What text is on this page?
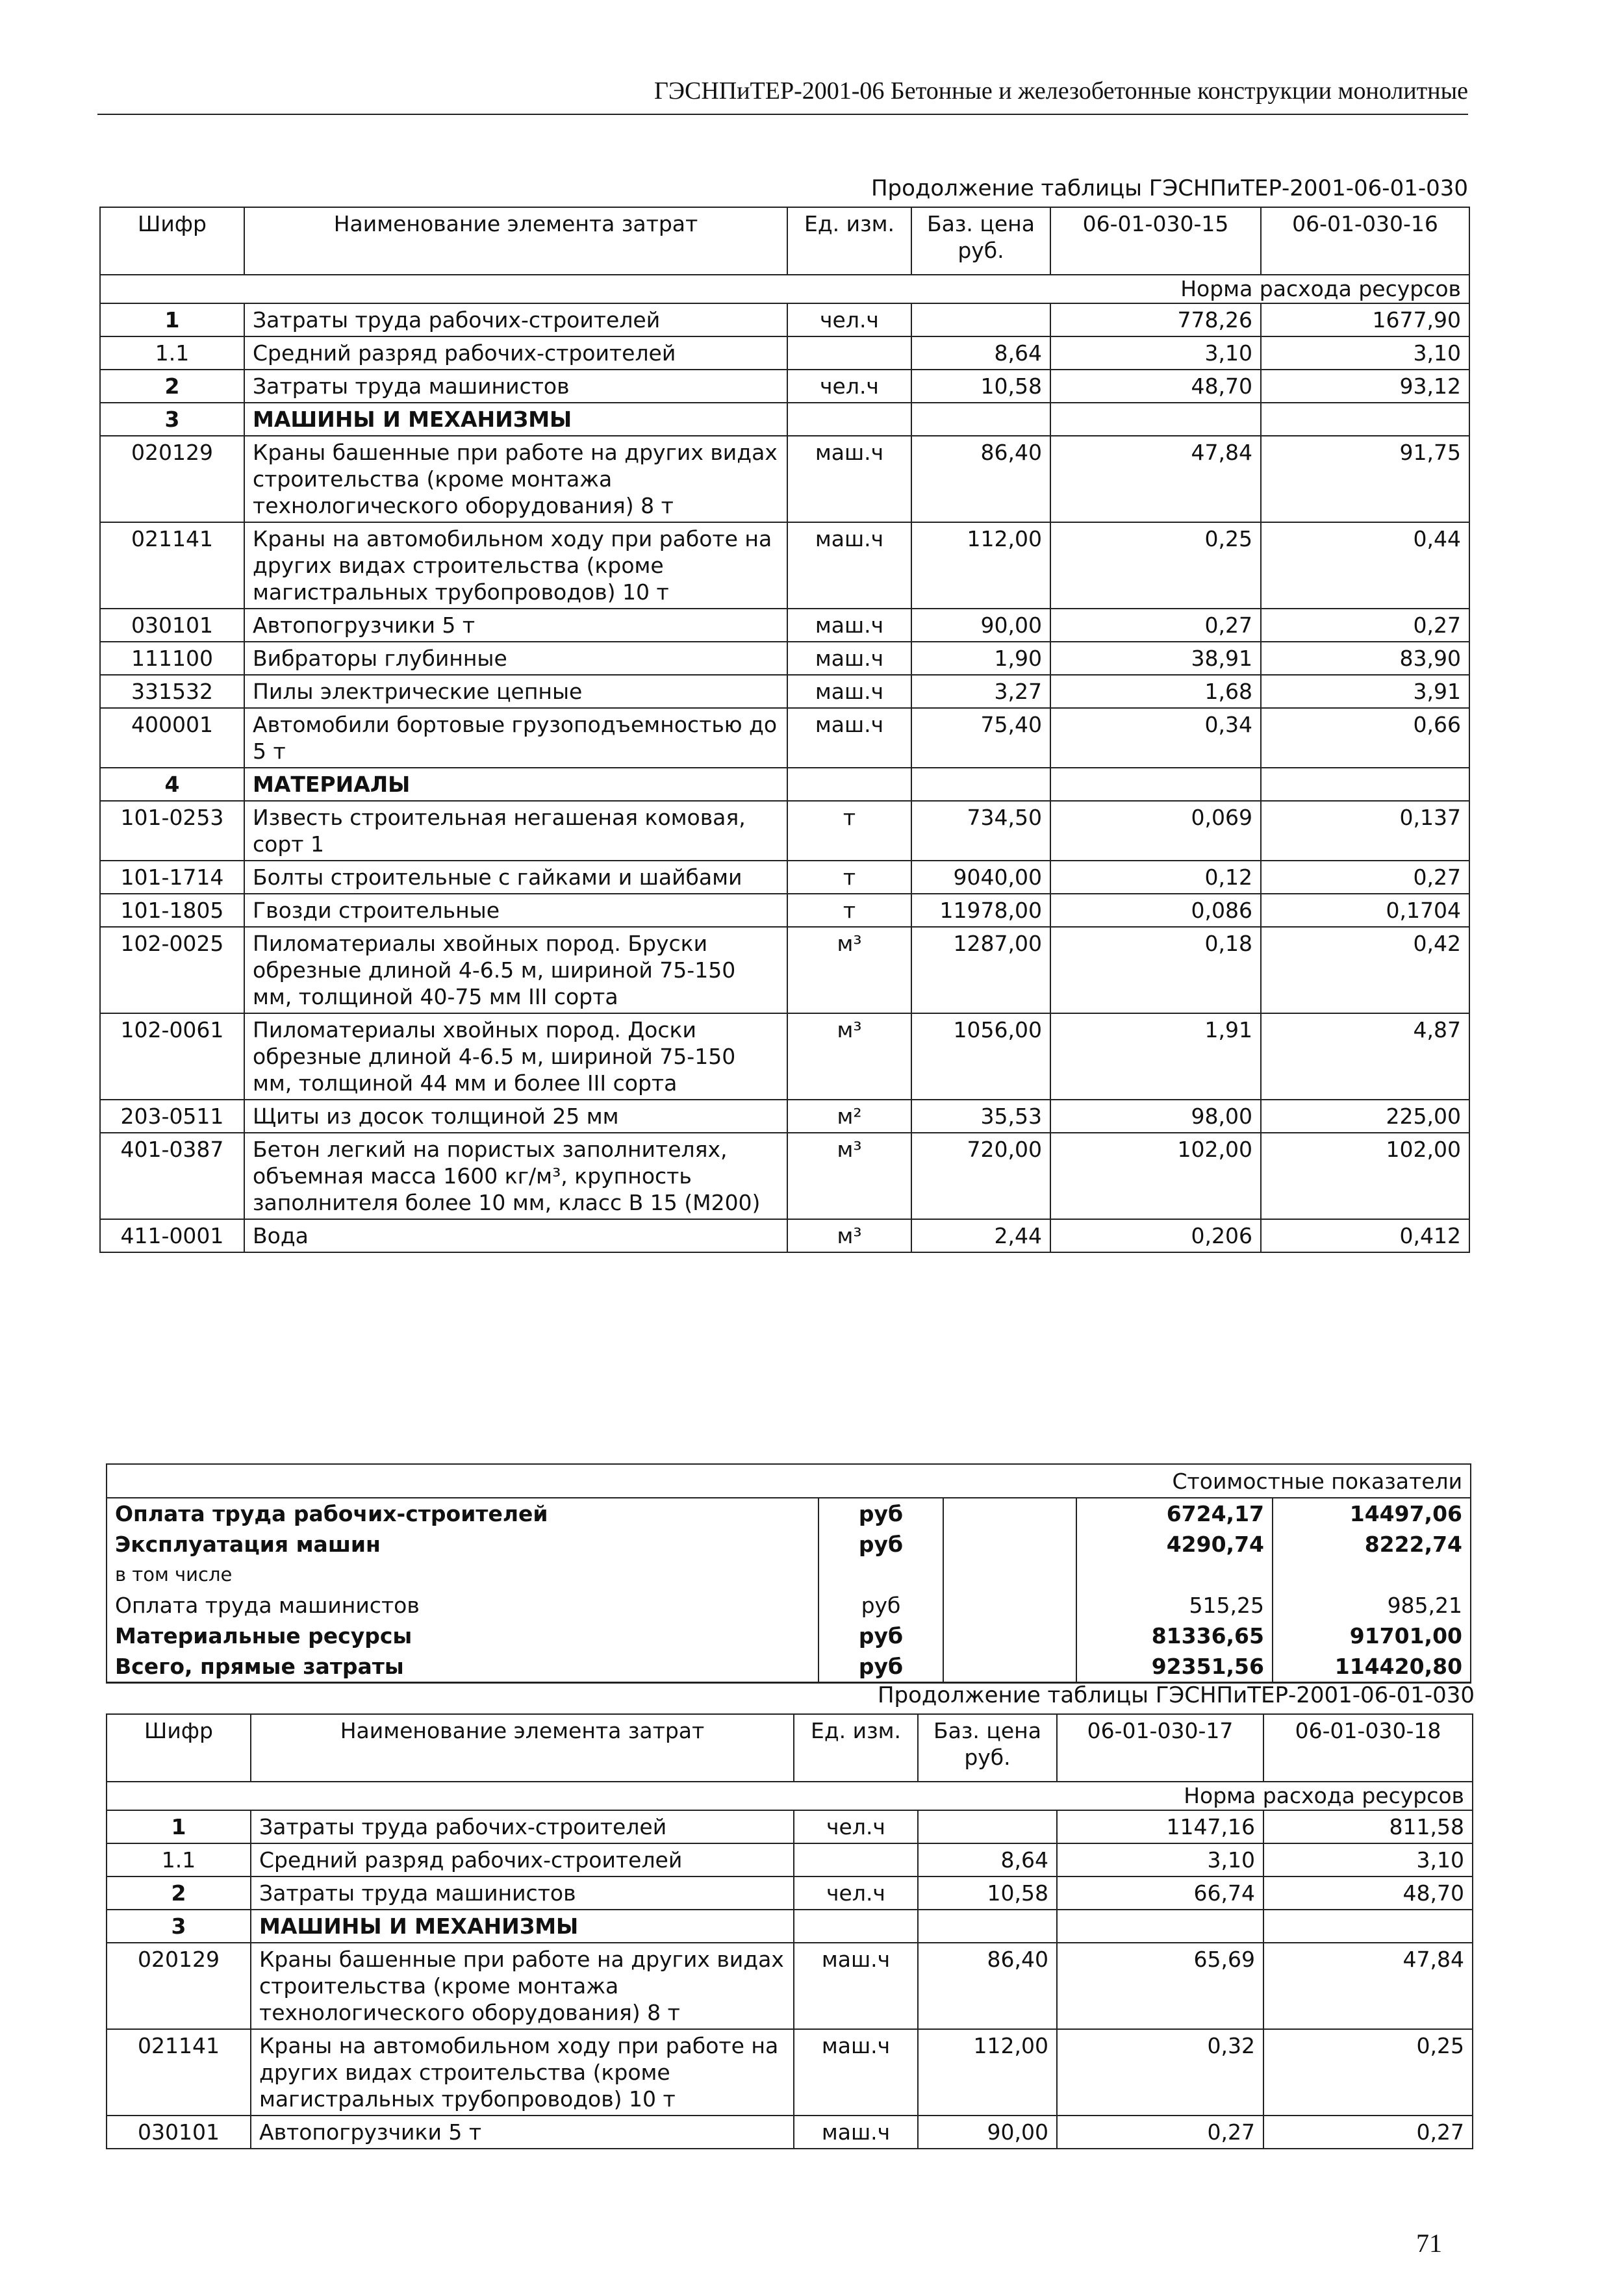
ГЭСНПиТЕР-2001-06 Бетонные и железобетонные конструкции монолитные
Продолжение таблицы ГЭСНПиТЕР-2001-06-01-030
Шифр	Наименование элемента затрат	Ед. изм.	Баз. цена руб.	06-01-030-15	06-01-030-16
Норма расхода ресурсов					
1	Затраты труда рабочих-строителей	чел.ч		778,26	1677,90
1.1	Средний разряд рабочих-строителей		8,64	3,10	3,10
2	Затраты труда машинистов	чел.ч	10,58	48,70	93,12
3	МАШИНЫ И МЕХАНИЗМЫ				
020129	Краны башенные при работе на других видах строительства (кроме монтажа технологического оборудования) 8 т	маш.ч	86,40	47,84	91,75
021141	Краны на автомобильном ходу при работе на других видах строительства (кроме магистральных трубопроводов) 10 т	маш.ч	112,00	0,25	0,44
030101	Автопогрузчики 5 т	маш.ч	90,00	0,27	0,27
111100	Вибраторы глубинные	маш.ч	1,90	38,91	83,90
331532	Пилы электрические цепные	маш.ч	3,27	1,68	3,91
400001	Автомобили бортовые грузоподъемностью до 5 т	маш.ч	75,40	0,34	0,66
4	МАТЕРИАЛЫ				
101-0253	Известь строительная негашеная комовая, сорт 1	т	734,50	0,069	0,137
101-1714	Болты строительные с гайками и шайбами	т	9040,00	0,12	0,27
101-1805	Гвозди строительные	т	11978,00	0,086	0,1704
102-0025	Пиломатериалы хвойных пород. Бруски обрезные длиной 4-6.5 м, шириной 75-150 мм, толщиной 40-75 мм III сорта	м³	1287,00	0,18	0,42
102-0061	Пиломатериалы хвойных пород. Доски обрезные длиной 4-6.5 м, шириной 75-150 мм, толщиной 44 мм и более III сорта	м³	1056,00	1,91	4,87
203-0511	Щиты из досок толщиной 25 мм	м²	35,53	98,00	225,00
401-0387	Бетон легкий на пористых заполнителях, объемная масса 1600 кг/м³, крупность заполнителя более 10 мм, класс В 15 (М200)	м³	720,00	102,00	102,00
411-0001	Вода	м³	2,44	0,206	0,412
Стоимостные показатели				
Оплата труда рабочих-строителей	руб		6724,17	14497,06
Эксплуатация машин	руб		4290,74	8222,74
в том числе				
Оплата труда машинистов	руб		515,25	985,21
Материальные ресурсы	руб		81336,65	91701,00
Всего, прямые затраты	руб		92351,56	114420,80
Продолжение таблицы ГЭСНПиТЕР-2001-06-01-030
Шифр	Наименование элемента затрат	Ед. изм.	Баз. цена руб.	06-01-030-17	06-01-030-18
Норма расхода ресурсов					
1	Затраты труда рабочих-строителей	чел.ч		1147,16	811,58
1.1	Средний разряд рабочих-строителей		8,64	3,10	3,10
2	Затраты труда машинистов	чел.ч	10,58	66,74	48,70
3	МАШИНЫ И МЕХАНИЗМЫ				
020129	Краны башенные при работе на других видах строительства (кроме монтажа технологического оборудования) 8 т	маш.ч	86,40	65,69	47,84
021141	Краны на автомобильном ходу при работе на других видах строительства (кроме магистральных трубопроводов) 10 т	маш.ч	112,00	0,32	0,25
030101	Автопогрузчики 5 т	маш.ч	90,00	0,27	0,27
71
